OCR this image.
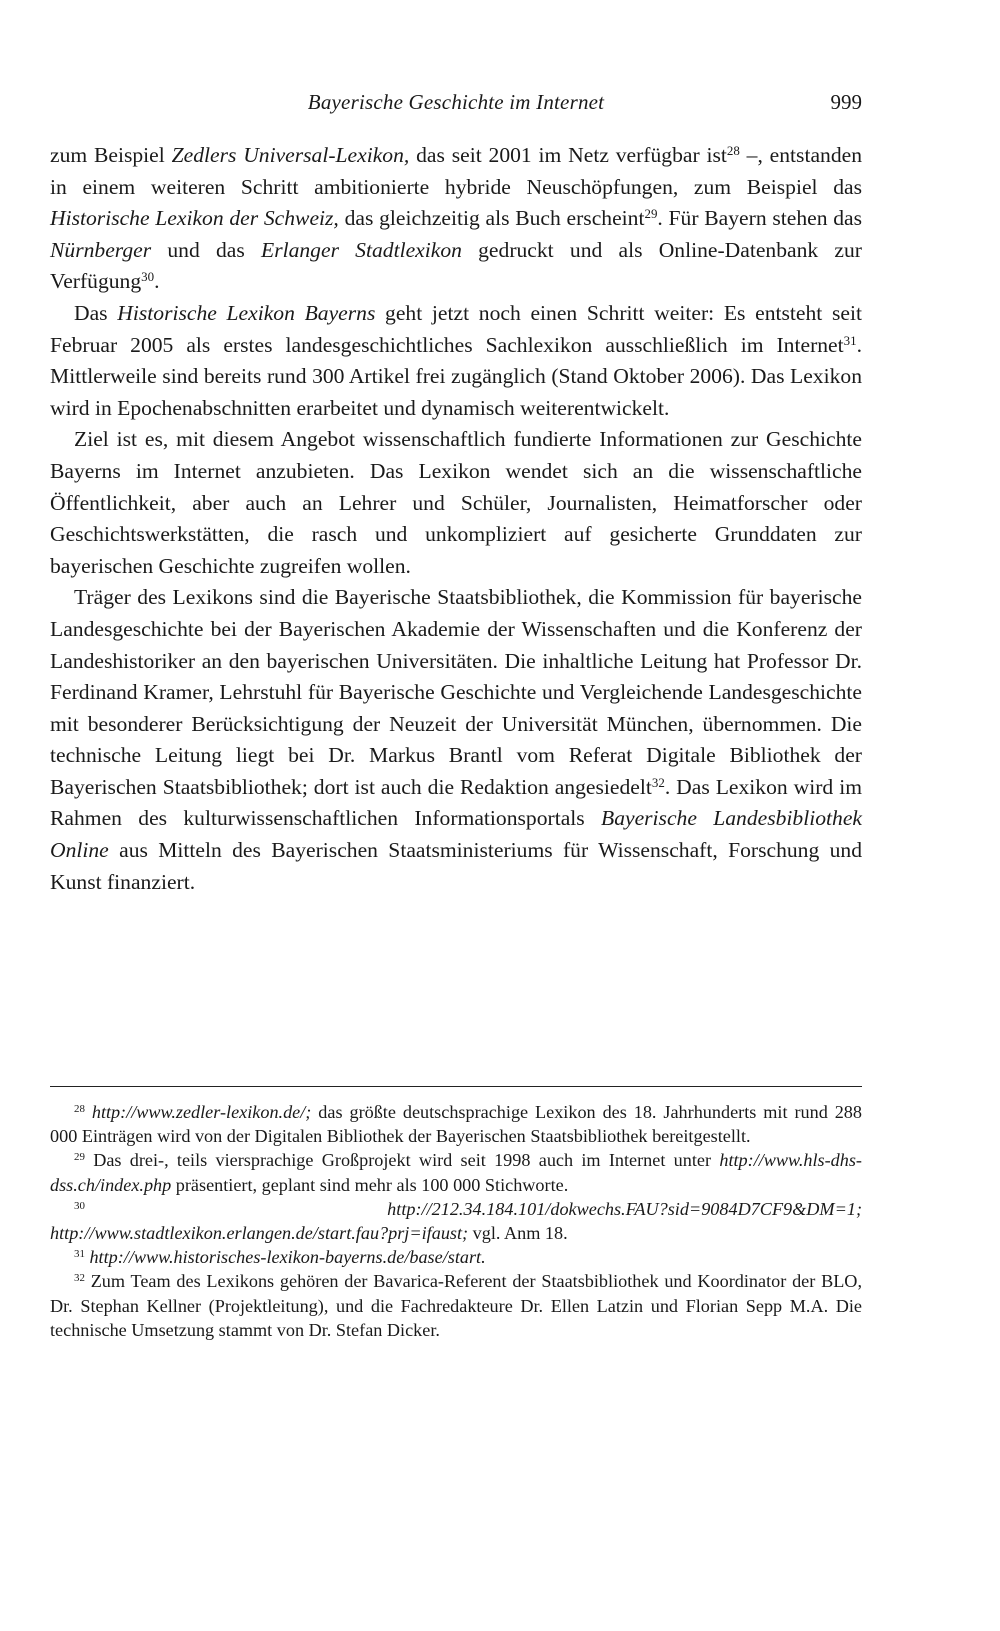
Bayerische Geschichte im Internet	999

zum Beispiel Zedlers Universal-Lexikon, das seit 2001 im Netz verfügbar ist$^{28}$ –, entstanden in einem weiteren Schritt ambitionierte hybride Neuschöpfungen, zum Beispiel das Historische Lexikon der Schweiz, das gleichzeitig als Buch erscheint$^{29}$. Für Bayern stehen das Nürnberger und das Erlanger Stadtlexikon gedruckt und als Online-Datenbank zur Verfügung$^{30}$.

Das Historische Lexikon Bayerns geht jetzt noch einen Schritt weiter: Es entsteht seit Februar 2005 als erstes landesgeschichtliches Sachlexikon ausschließlich im Internet$^{31}$. Mittlerweile sind bereits rund 300 Artikel frei zugänglich (Stand Oktober 2006). Das Lexikon wird in Epochenabschnitten erarbeitet und dynamisch weiterentwickelt.

Ziel ist es, mit diesem Angebot wissenschaftlich fundierte Informationen zur Geschichte Bayerns im Internet anzubieten. Das Lexikon wendet sich an die wissenschaftliche Öffentlichkeit, aber auch an Lehrer und Schüler, Journalisten, Heimatforscher oder Geschichtswerkstätten, die rasch und unkompliziert auf gesicherte Grunddaten zur bayerischen Geschichte zugreifen wollen.

Träger des Lexikons sind die Bayerische Staatsbibliothek, die Kommission für bayerische Landesgeschichte bei der Bayerischen Akademie der Wissenschaften und die Konferenz der Landeshistoriker an den bayerischen Universitäten. Die inhaltliche Leitung hat Professor Dr. Ferdinand Kramer, Lehrstuhl für Bayerische Geschichte und Vergleichende Landesgeschichte mit besonderer Berücksichtigung der Neuzeit der Universität München, übernommen. Die technische Leitung liegt bei Dr. Markus Brantl vom Referat Digitale Bibliothek der Bayerischen Staatsbibliothek; dort ist auch die Redaktion angesiedelt$^{32}$. Das Lexikon wird im Rahmen des kulturwissenschaftlichen Informationsportals Bayerische Landesbibliothek Online aus Mitteln des Bayerischen Staatsministeriums für Wissenschaft, Forschung und Kunst finanziert.

$^{28}$ http://www.zedler-lexikon.de/; das größte deutschsprachige Lexikon des 18. Jahrhunderts mit rund 288 000 Einträgen wird von der Digitalen Bibliothek der Bayerischen Staatsbibliothek bereitgestellt.

$^{29}$ Das drei-, teils viersprachige Großprojekt wird seit 1998 auch im Internet unter http://www.hls-dhs-dss.ch/index.php präsentiert, geplant sind mehr als 100 000 Stichworte.

$^{30}$	http://212.34.184.101/dokwechs.FAU?sid=9084D7CF9&DM=1; http://www.stadtlexikon.erlangen.de/start.fau?prj=ifaust; vgl. Anm 18.

$^{31}$ http://www.historisches-lexikon-bayerns.de/base/start.

$^{32}$ Zum Team des Lexikons gehören der Bavarica-Referent der Staatsbibliothek und Koordinator der BLO, Dr. Stephan Kellner (Projektleitung), und die Fachredakteure Dr. Ellen Latzin und Florian Sepp M.A. Die technische Umsetzung stammt von Dr. Stefan Dicker.
